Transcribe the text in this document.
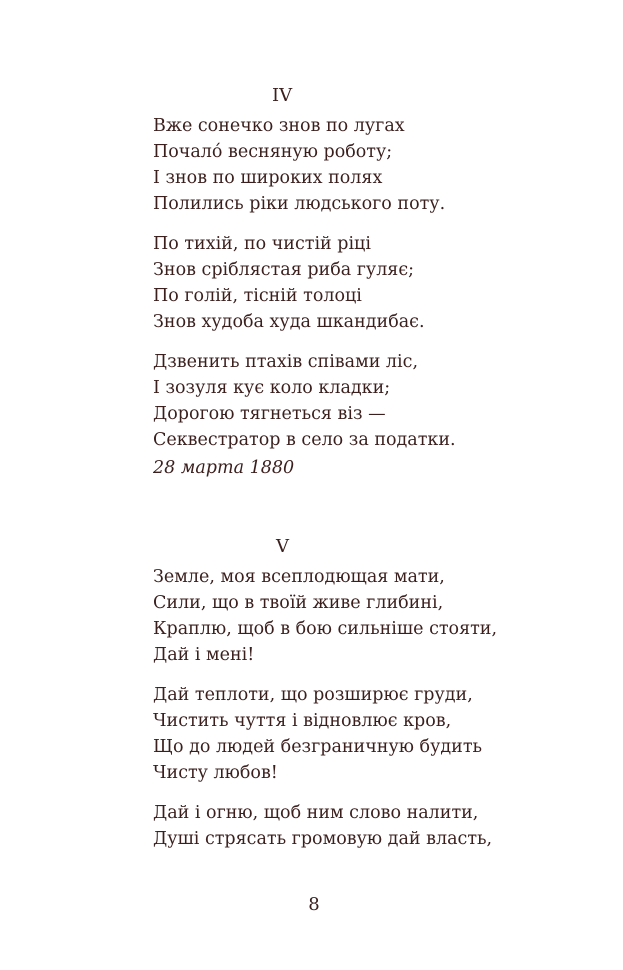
IV
Вже сонечко знов по лугах
Почало́ весняную роботу;
І знов по широких полях
Полились ріки людського поту.
По тихій, по чистій ріці
Знов сріблястая риба гуляє;
По голій, тісній толоці
Знов худоба худа шкандибає.
Дзвенить птахів співами ліс,
І зозуля кує коло кладки;
Дорогою тягнеться віз —
Секвестратор в село за податки.
28 марта 1880
V
Земле, моя всеплодющая мати,
Сили, що в твоїй живе глибині,
Краплю, щоб в бою сильніше стояти,
Дай і мені!
Дай теплоти, що розширює груди,
Чистить чуття і відновлює кров,
Що до людей безграничную будить
Чисту любов!
Дай і огню, щоб ним слово налити,
Душі стрясать громовую дай власть,
8
